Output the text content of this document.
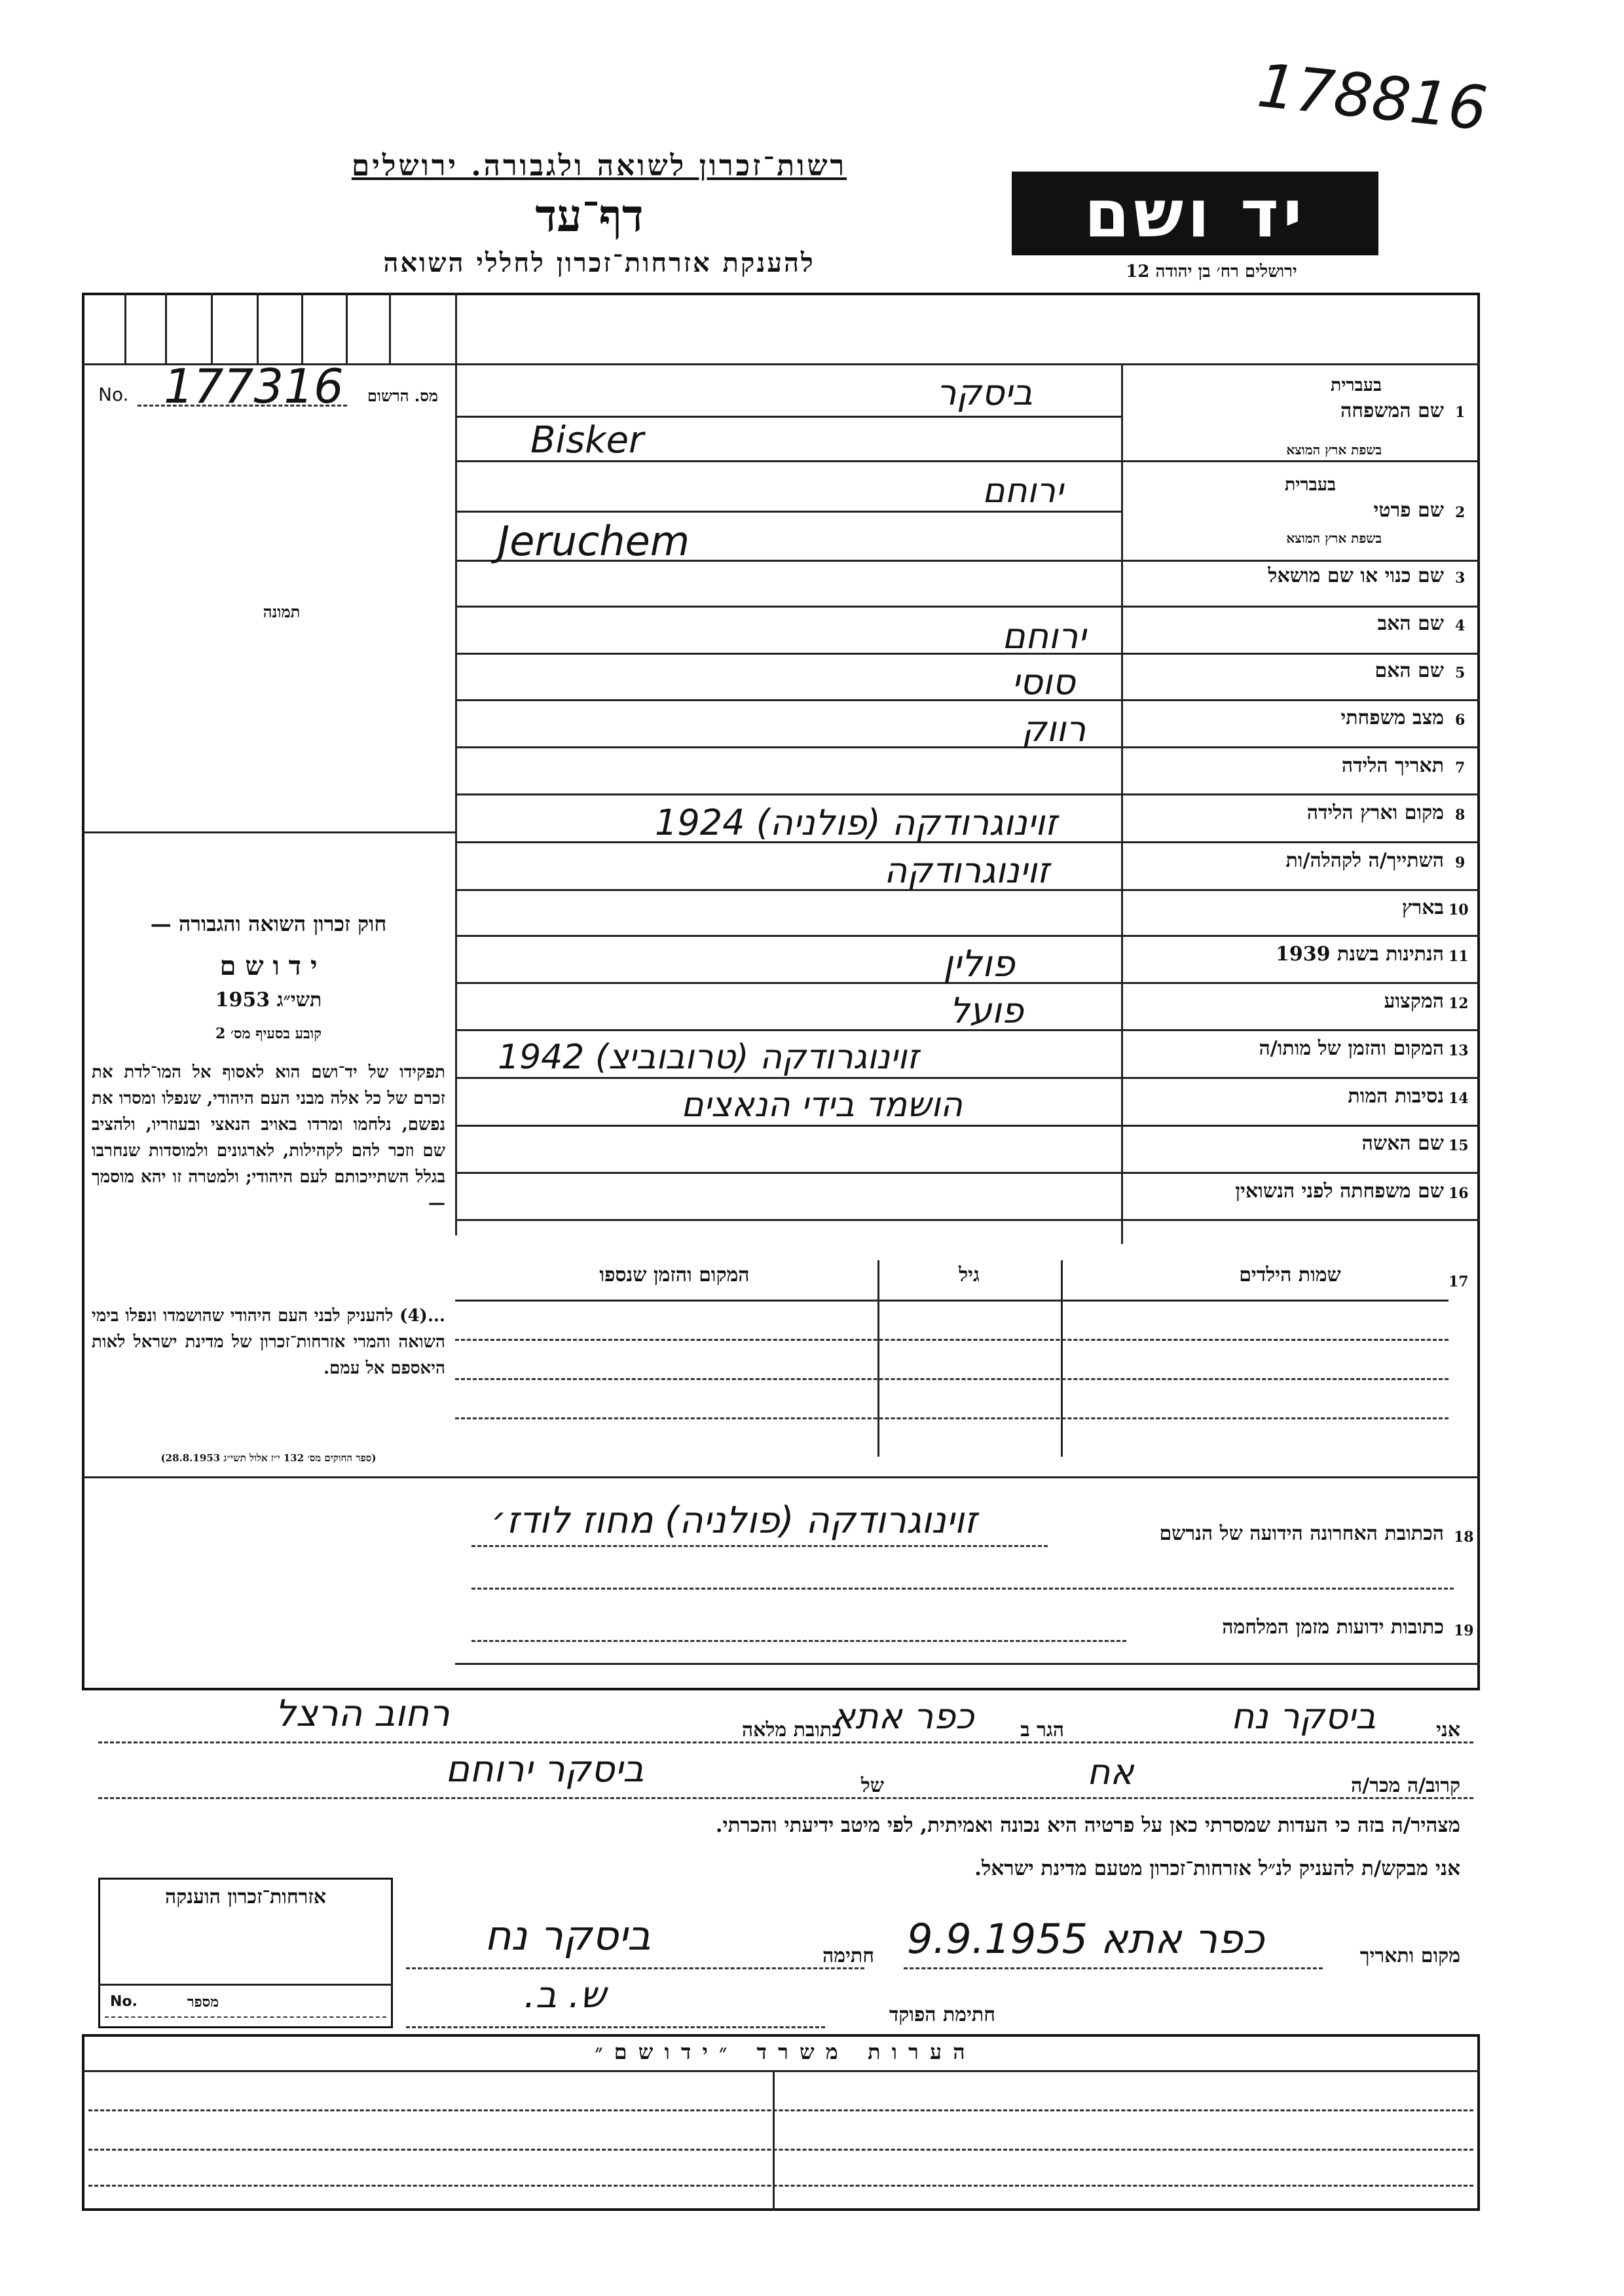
178816
רשות־זכרון לשואה ולגבורה. ירושלים
דף־עד
להענקת אזרחות־זכרון לחללי השואה
יד ושם
ירושלים רח׳ בן יהודה 12
No. 177316	מס. הרשום
תמונה
חוק זכרון השואה והגבורה —
י ד ו ש ם
תשי״ג 1953
קובע בסעיף מס׳ 2
תפקידו של יד־ושם הוא לאסוף אל המו־לדת את זכרם של כל אלה מבני העם היהודי, שנפלו ומסרו את נפשם, נלחמו ומרדו באויב הנאצי ובעוזריו, ולהציב שם וזכר להם לקהילות, לארגונים ולמוסדות שנחרבו בגלל השתייכותם לעם היהודי; ולמטרה זו יהא מוסמך —
...(4) להעניק לבני העם היהודי שהושמדו ונפלו בימי השואה והמרי אזרחות־זכרון של מדינת ישראל לאות היאספם אל עמם.
(ספר החוקים מס׳ 132 י״ז אלול תשי״ג 28.8.1953)
1
שם המשפחה
בעברית
בשפת ארץ המוצא
ביסקר
Bisker
2
שם פרטי
בעברית
בשפת ארץ המוצא
ירוחם
Jeruchem
3
שם כנוי או שם מושאל
4
שם האב
ירוחם
5
שם האם
סוסי
6
מצב משפחתי
רווק
7
תאריך הלידה
8
מקום וארץ הלידה
זוינוגרודקה (פולניה) 1924
9
השתייך/ה לקהלה/ות
זוינוגרודקה
10
בארץ
11
הנתינות בשנת 1939
פולין
12
המקצוע
פועל
13
המקום והזמן של מותו/ה
זוינוגרודקה (טרובוביצ) 1942
14
נסיבות המות
הושמד בידי הנאצים
15
שם האשה
16
שם משפחתה לפני הנשואין
17
שמות הילדים
גיל
המקום והזמן שנספו
18
הכתובת האחרונה הידועה של הנרשם
זוינוגרודקה (פולניה) מחוז לודז׳
19
כתובות ידועות מזמן המלחמה
אני
ביסקר נח
הגר ב
כפר אתא
כתובת מלאה
רחוב הרצל
קרוב/ה מכר/ה
אח
של
ביסקר ירוחם
מצהיר/ה בזה כי העדות שמסרתי כאן על פרטיה היא נכונה ואמיתית, לפי מיטב ידיעתי והכרתי.
אני מבקש/ת להעניק לנ״ל אזרחות־זכרון מטעם מדינת ישראל.
אזרחות־זכרון הוענקה
No.	מספר
מקום ותאריך
כפר אתא 9.9.1955
חתימה
ביסקר נח
חתימת הפוקד
ש. ב.
ה ע ר ו ת   מ ש ר ד   ״ י ד ו ש ם ״
